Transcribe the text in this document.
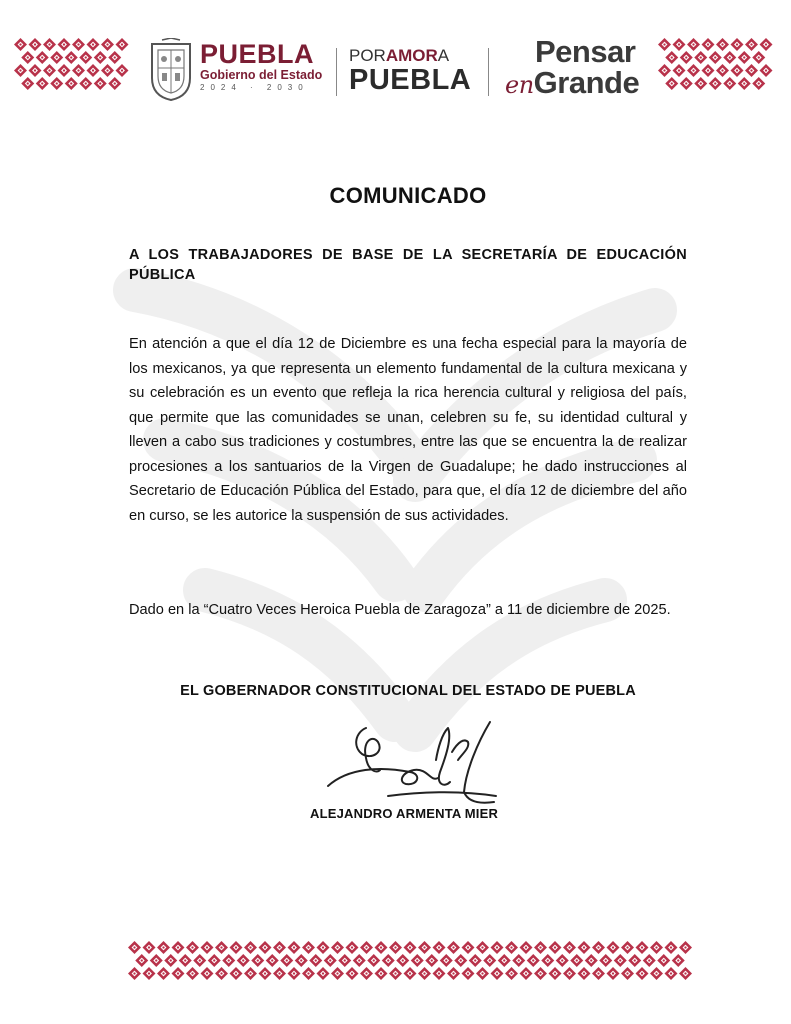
PUEBLA
Gobierno del Estado
2024 · 2030
PORAMORA
PUEBLA
Pensar
enGrande
COMUNICADO
A LOS TRABAJADORES DE BASE DE LA SECRETARÍA DE EDUCACIÓN PÚBLICA
En atención a que el día 12 de Diciembre es una fecha especial para la mayoría de los mexicanos, ya que representa un elemento fundamental de la cultura mexicana y su celebración es un evento que refleja la rica herencia cultural y religiosa del país, que permite que las comunidades se unan, celebren su fe, su identidad cultural y lleven a cabo sus tradiciones y costumbres, entre las que se encuentra la de realizar procesiones a los santuarios de la Virgen de Guadalupe; he dado instrucciones al Secretario de Educación Pública del Estado, para que, el día 12 de diciembre del año en curso, se les autorice la suspensión de sus actividades.
Dado en la “Cuatro Veces Heroica Puebla de Zaragoza” a 11 de diciembre de 2025.
EL GOBERNADOR CONSTITUCIONAL DEL ESTADO DE PUEBLA
ALEJANDRO ARMENTA MIER
